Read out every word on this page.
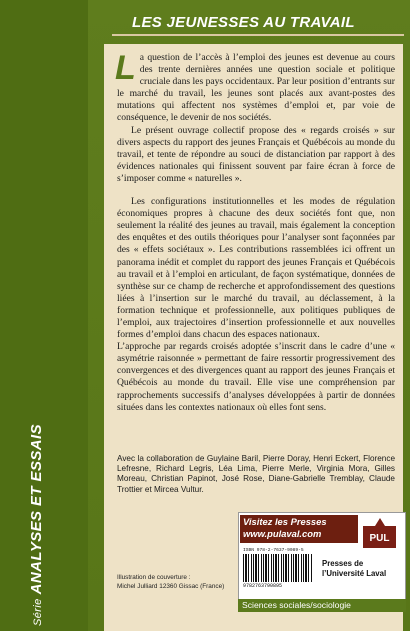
LES JEUNESSES AU TRAVAIL

La question de l’accès à l’emploi des jeunes est devenue au cours des trente dernières années une question sociale et politique cruciale dans les pays occidentaux. Par leur position d’entrants sur le marché du travail, les jeunes sont placés aux avant-postes des mutations qui affectent nos systèmes d’emploi et, par voie de conséquence, le devenir de nos sociétés.

Le présent ouvrage collectif propose des « regards croisés » sur divers aspects du rapport des jeunes Français et Québécois au monde du travail, et tente de répondre au souci de distanciation par rapport à des évidences nationales qui finissent souvent par faire écran à force de s’imposer comme « naturelles ».

Les configurations institutionnelles et les modes de régulation économiques propres à chacune des deux sociétés font que, non seulement la réalité des jeunes au travail, mais également la conception des enquêtes et des outils théoriques pour l’analyser sont façonnées par des « effets sociétaux ». Les contributions rassemblées ici offrent un panorama inédit et complet du rapport des jeunes Français et Québécois au travail et à l’emploi en articulant, de façon systématique, données de synthèse sur ce champ de recherche et approfondissement des questions liées à l’insertion sur le marché du travail, au déclassement, à la formation technique et professionnelle, aux politiques publiques de l’emploi, aux trajectoires d’insertion professionnelle et aux nouvelles formes d’emploi dans chacun des espaces nationaux.

L’approche par regards croisés adoptée s’inscrit dans le cadre d’une « asymétrie raisonnée » permettant de faire ressortir progressivement des convergences et des divergences quant au rapport des jeunes Français et Québécois au monde du travail. Elle vise une compréhension par rapprochements successifs d’analyses développées à partir de données situées dans les contextes nationaux où elles font sens.

Avec la collaboration de Guylaine Baril, Pierre Doray, Henri Eckert, Florence Lefresne, Richard Legris, Léa Lima, Pierre Merle, Virginia Mora, Gilles Moreau, Christian Papinot, José Rose, Diane-Gabrielle Tremblay, Claude Trottier et Mircea Vultur.
Visitez les Presses
www.pulaval.com	PUL
ISBN 978-2-7637-9089-5
9782763790895
Presses de
l’Université Laval
Sciences sociales/sociologie
Illustration de couverture :
Michel Julliard 12360 Gissac (France)
SérieANALYSES ET ESSAIS
